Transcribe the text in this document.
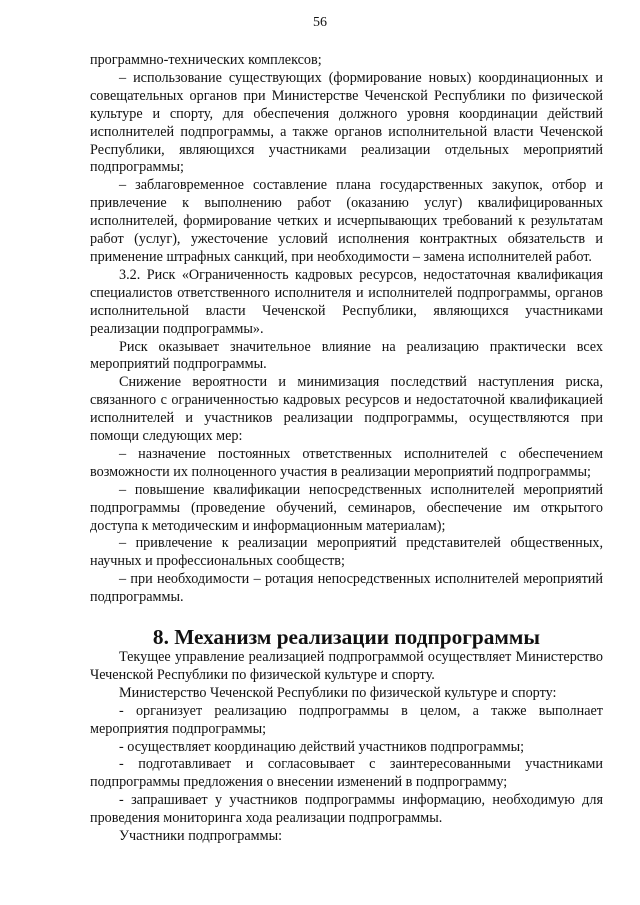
56

программно-технических комплексов;

– использование существующих (формирование новых) координационных и совещательных органов при Министерстве Чеченской Республики по физической культуре и спорту, для обеспечения должного уровня координации действий исполнителей подпрограммы, а также органов исполнительной власти Чеченской Республики, являющихся участниками реализации отдельных мероприятий подпрограммы;

– заблаговременное составление плана государственных закупок, отбор и привлечение к выполнению работ (оказанию услуг) квалифицированных исполнителей, формирование четких и исчерпывающих требований к результатам работ (услуг), ужесточение условий исполнения контрактных обязательств и применение штрафных санкций, при необходимости – замена исполнителей работ.

3.2. Риск «Ограниченность кадровых ресурсов, недостаточная квалификация специалистов ответственного исполнителя и исполнителей подпрограммы, органов исполнительной власти Чеченской Республики, являющихся участниками реализации подпрограммы».

Риск оказывает значительное влияние на реализацию практически всех мероприятий подпрограммы.

Снижение вероятности и минимизация последствий наступления риска, связанного с ограниченностью кадровых ресурсов и недостаточной квалификацией исполнителей и участников реализации подпрограммы, осуществляются при помощи следующих мер:

– назначение постоянных ответственных исполнителей с обеспечением возможности их полноценного участия в реализации мероприятий подпрограммы;

– повышение квалификации непосредственных исполнителей мероприятий подпрограммы (проведение обучений, семинаров, обеспечение им открытого доступа к методическим и информационным материалам);

– привлечение к реализации мероприятий представителей общественных, научных и профессиональных сообществ;

– при необходимости – ротация непосредственных исполнителей мероприятий подпрограммы.

8. Механизм реализации подпрограммы

Текущее управление реализацией подпрограммой осуществляет Министерство Чеченской Республики по физической культуре и спорту.

Министерство Чеченской Республики по физической культуре и спорту:

- организует реализацию подпрограммы в целом, а также выполнает мероприятия подпрограммы;

- осуществляет координацию действий участников подпрограммы;

- подготавливает и согласовывает с заинтересованными участниками подпрограммы предложения о внесении изменений в подпрограмму;

- запрашивает у участников подпрограммы информацию, необходимую для проведения мониторинга хода реализации подпрограммы.

Участники подпрограммы:
